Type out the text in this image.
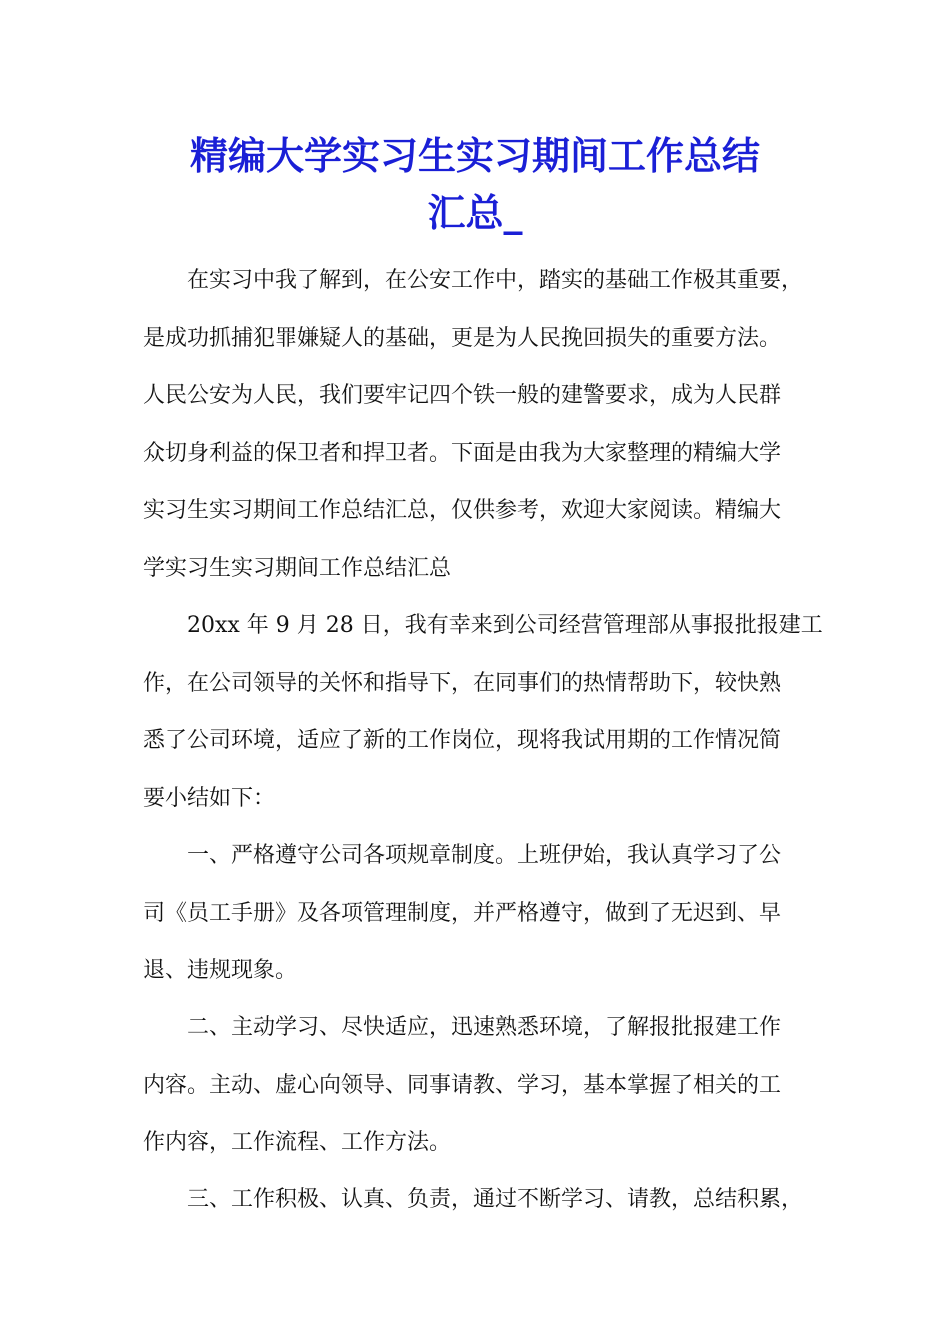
精编大学实习生实习期间工作总结
汇总_
在实习中我了解到，在公安工作中，踏实的基础工作极其重要，
是成功抓捕犯罪嫌疑人的基础，更是为人民挽回损失的重要方法。
人民公安为人民，我们要牢记四个铁一般的建警要求，成为人民群
众切身利益的保卫者和捍卫者。下面是由我为大家整理的精编大学
实习生实习期间工作总结汇总，仅供参考，欢迎大家阅读。精编大
学实习生实习期间工作总结汇总
20xx 年 9 月 28 日，我有幸来到公司经营管理部从事报批报建工
作，在公司领导的关怀和指导下，在同事们的热情帮助下，较快熟
悉了公司环境，适应了新的工作岗位，现将我试用期的工作情况简
要小结如下：
一、严格遵守公司各项规章制度。上班伊始，我认真学习了公
司《员工手册》及各项管理制度，并严格遵守，做到了无迟到、早
退、违规现象。
二、主动学习、尽快适应，迅速熟悉环境，了解报批报建工作
内容。主动、虚心向领导、同事请教、学习，基本掌握了相关的工
作内容，工作流程、工作方法。
三、工作积极、认真、负责，通过不断学习、请教，总结积累，
